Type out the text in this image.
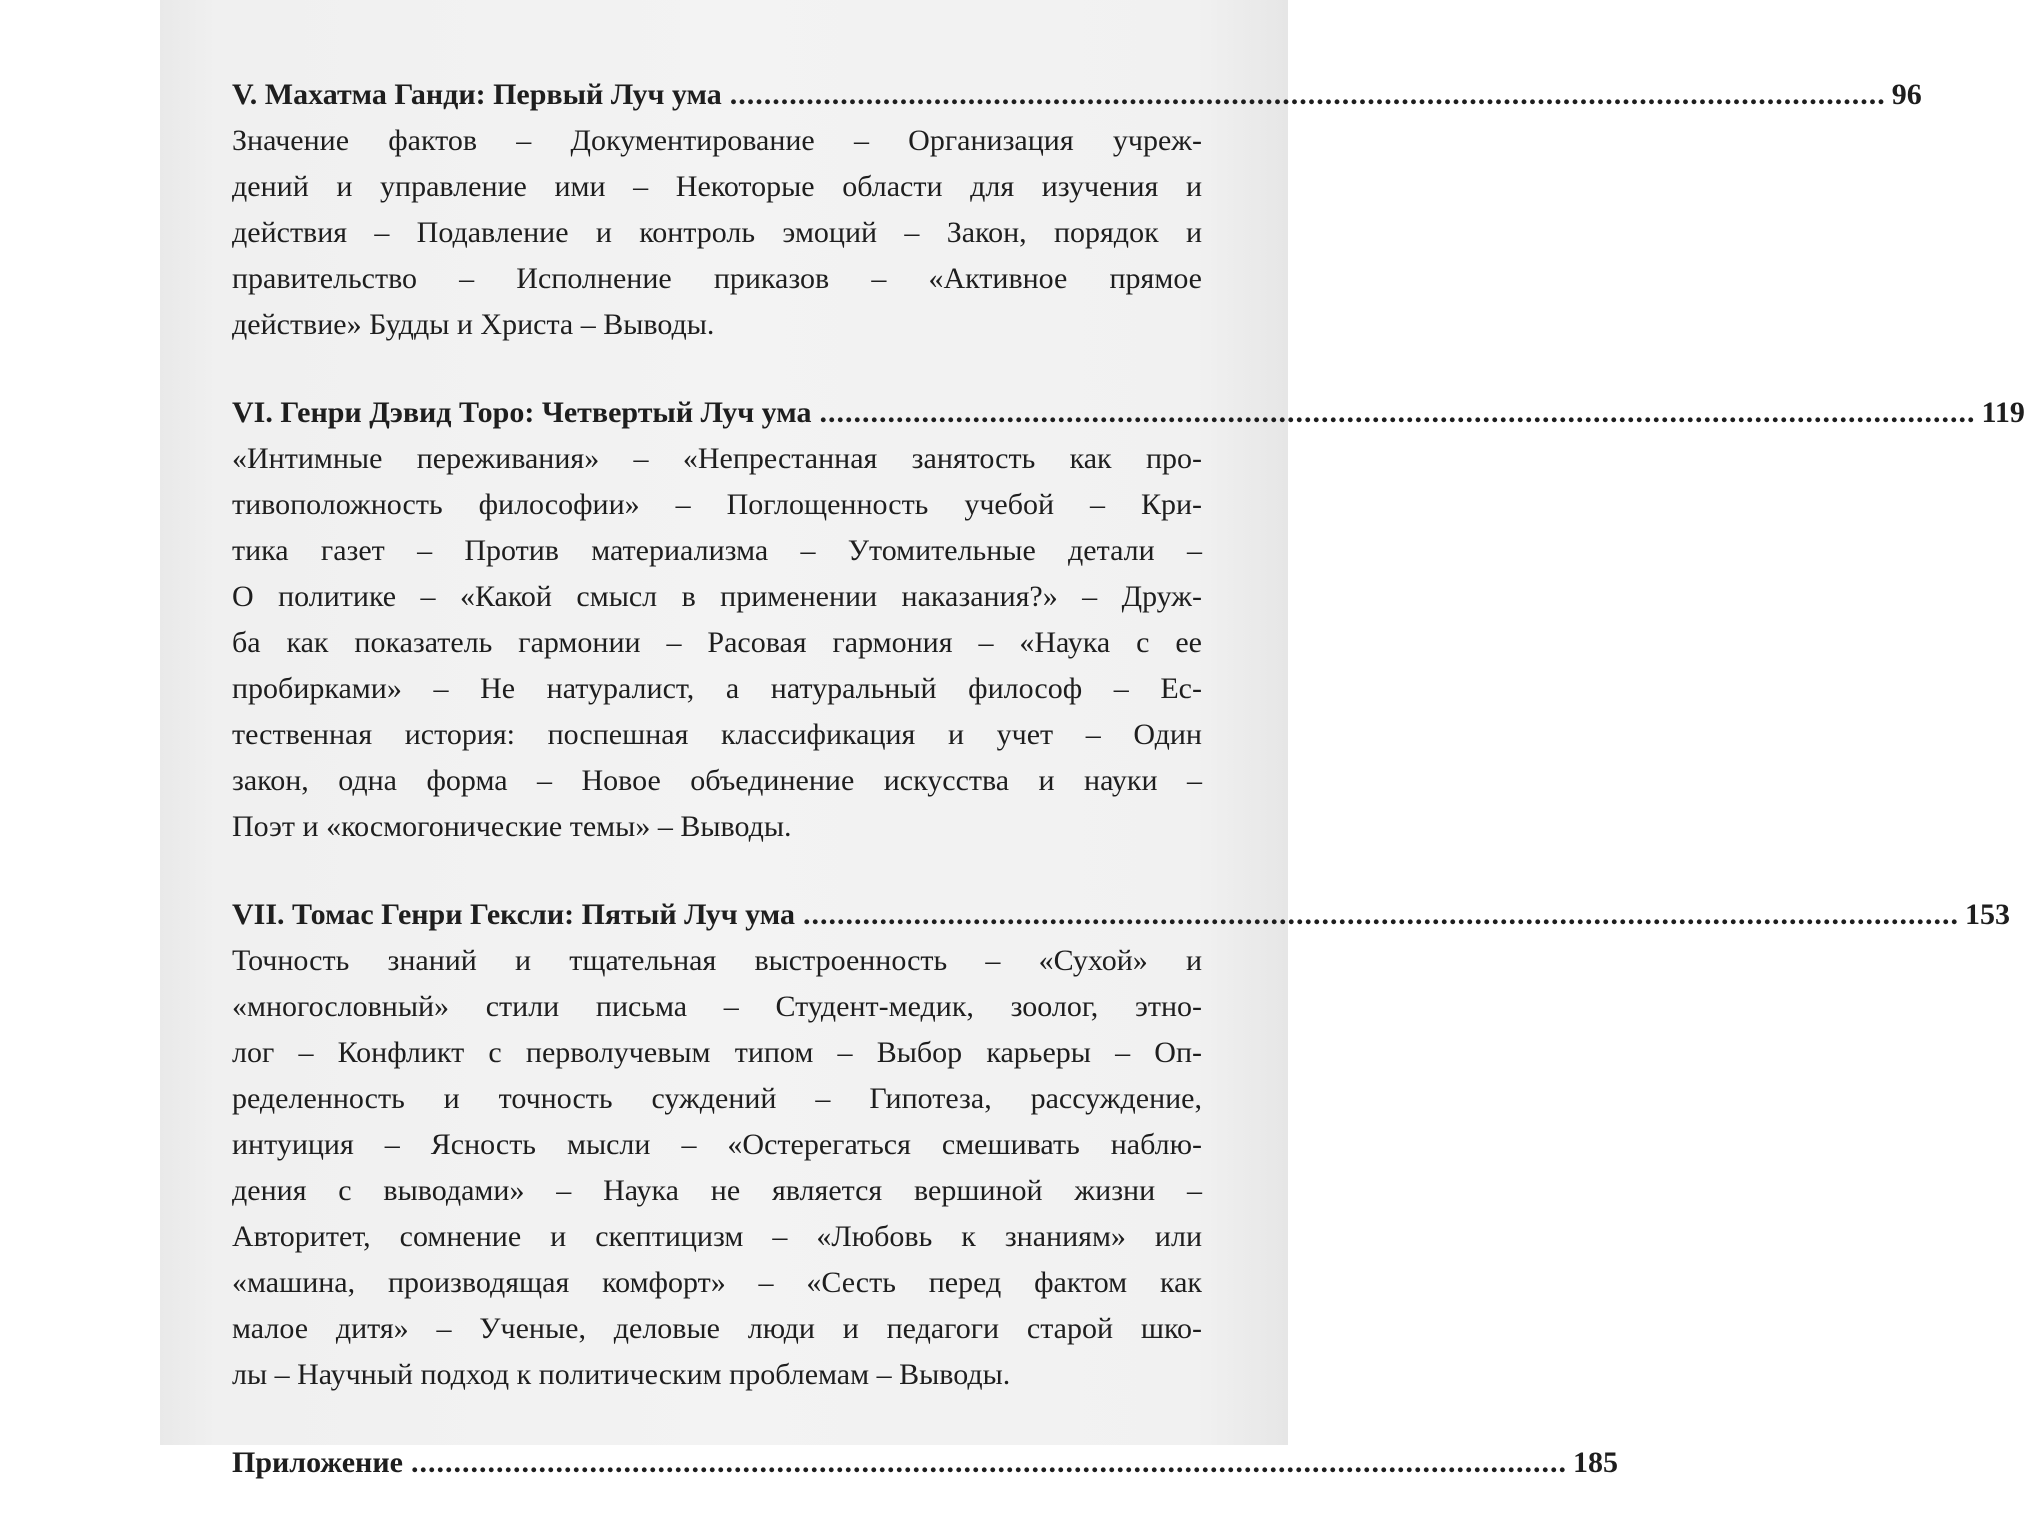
V. Махатма Ганди: Первый Луч ума ........................................................................................................................................ 96
Значение фактов – Документирование – Организация учреж-
дений и управление ими – Некоторые области для изучения и
действия – Подавление и контроль эмоций – Закон, порядок и
правительство – Исполнение приказов – «Активное прямое
действие» Будды и Христа – Выводы.
VI. Генри Дэвид Торо: Четвертый Луч ума ........................................................................................................................................ 119
«Интимные переживания» – «Непрестанная занятость как про-
тивоположность философии» – Поглощенность учебой – Кри-
тика газет – Против материализма – Утомительные детали –
О политике – «Какой смысл в применении наказания?» – Друж-
ба как показатель гармонии – Расовая гармония – «Наука с ее
пробирками» – Не натуралист, а натуральный философ – Ес-
тественная история: поспешная классификация и учет – Один
закон, одна форма – Новое объединение искусства и науки –
Поэт и «космогонические темы» – Выводы.
VII. Томас Генри Гексли: Пятый Луч ума ........................................................................................................................................ 153
Точность знаний и тщательная выстроенность – «Сухой» и
«многословный» стили письма – Студент-медик, зоолог, этно-
лог – Конфликт с перволучевым типом – Выбор карьеры – Оп-
ределенность и точность суждений – Гипотеза, рассуждение,
интуиция – Ясность мысли – «Остерегаться смешивать наблю-
дения с выводами» – Наука не является вершиной жизни –
Авторитет, сомнение и скептицизм – «Любовь к знаниям» или
«машина, производящая комфорт» – «Сесть перед фактом как
малое дитя» – Ученые, деловые люди и педагоги старой шко-
лы – Научный подход к политическим проблемам – Выводы.
Приложение ........................................................................................................................................ 185
